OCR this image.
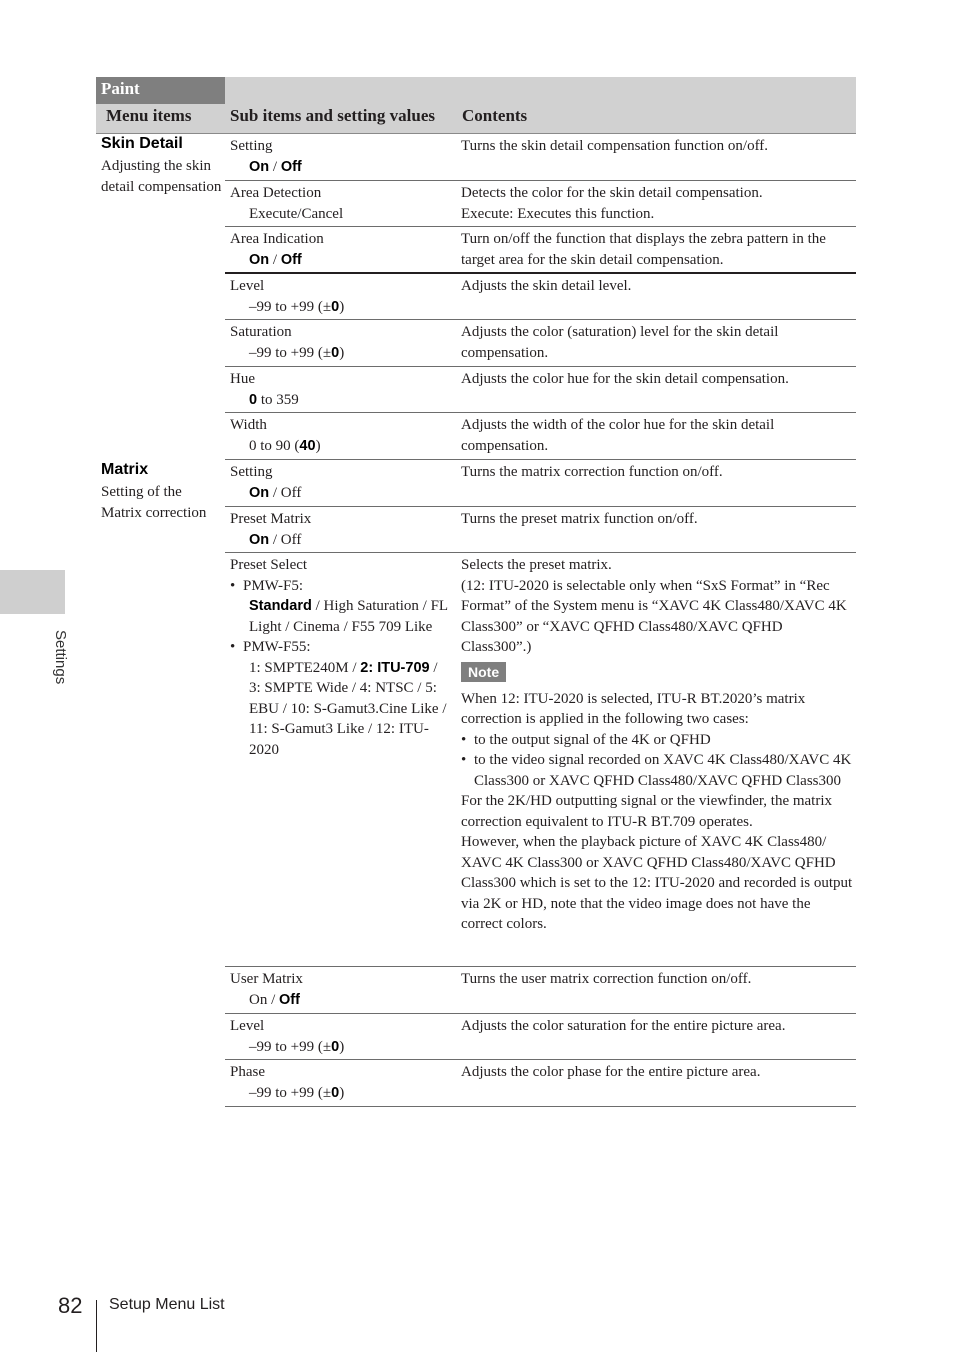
Settings
Paint
Menu items Sub items and setting values Contents
Skin Detail
Adjusting the skin detail compensation
Setting
On / Off
Turns the skin detail compensation function on/off.
Area Detection
Execute/Cancel
Detects the color for the skin detail compensation.
Execute: Executes this function.
Area Indication
On / Off
Turn on/off the function that displays the zebra pattern in the target area for the skin detail compensation.
Level
–99 to +99 (±0)
Adjusts the skin detail level.
Saturation
–99 to +99 (±0)
Adjusts the color (saturation) level for the skin detail compensation.
Hue
0 to 359
Adjusts the color hue for the skin detail compensation.
Width
0 to 90 (40)
Adjusts the width of the color hue for the skin detail compensation.
Matrix
Setting of the Matrix correction
Setting
On / Off
Turns the matrix correction function on/off.
Preset Matrix
On / Off
Turns the preset matrix function on/off.
Preset Select
• PMW-F5:
Standard / High Saturation / FL Light / Cinema / F55 709 Like
• PMW-F55:
1: SMPTE240M / 2: ITU-709 / 3: SMPTE Wide / 4: NTSC / 5: EBU / 10: S-Gamut3.Cine Like / 11: S-Gamut3 Like / 12: ITU-2020
Selects the preset matrix.
(12: ITU-2020 is selectable only when “SxS Format” in “Rec Format” of the System menu is “XAVC 4K Class480/XAVC 4K Class300” or “XAVC QFHD Class480/XAVC QFHD Class300”.)
Note
When 12: ITU-2020 is selected, ITU-R BT.2020’s matrix correction is applied in the following two cases:
• to the output signal of the 4K or QFHD
• to the video signal recorded on XAVC 4K Class480/XAVC 4K Class300 or XAVC QFHD Class480/XAVC QFHD Class300
For the 2K/HD outputting signal or the viewfinder, the matrix correction equivalent to ITU-R BT.709 operates.
However, when the playback picture of XAVC 4K Class480/ XAVC 4K Class300 or XAVC QFHD Class480/XAVC QFHD Class300 which is set to the 12: ITU-2020 and recorded is output via 2K or HD, note that the video image does not have the correct colors.
User Matrix
On / Off
Turns the user matrix correction function on/off.
Level
–99 to +99 (±0)
Adjusts the color saturation for the entire picture area.
Phase
–99 to +99 (±0)
Adjusts the color phase for the entire picture area.
82 Setup Menu List
